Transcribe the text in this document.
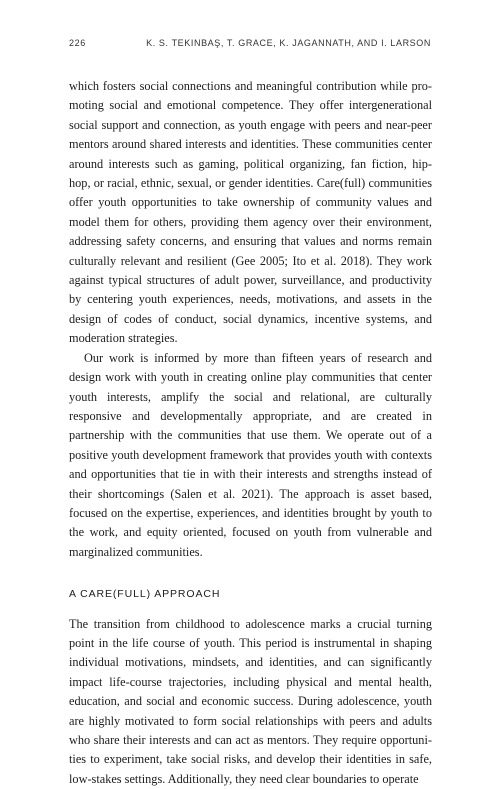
226	K. S. TEKINBAŞ, T. GRACE, K. JAGANNATH, AND I. LARSON

which fosters social connections and meaningful contribution while promoting social and emotional competence. They offer intergenerational social support and connection, as youth engage with peers and near-peer mentors around shared interests and identities. These communities center around interests such as gaming, political organizing, fan fiction, hip-hop, or racial, ethnic, sexual, or gender identities. Care(full) communities offer youth opportunities to take ownership of community values and model them for others, providing them agency over their environment, addressing safety concerns, and ensuring that values and norms remain culturally relevant and resilient (Gee 2005; Ito et al. 2018). They work against typical structures of adult power, surveillance, and productivity by centering youth experiences, needs, motivations, and assets in the design of codes of conduct, social dynamics, incentive systems, and moderation strategies.

Our work is informed by more than fifteen years of research and design work with youth in creating online play communities that center youth interests, amplify the social and relational, are culturally responsive and developmentally appropriate, and are created in partnership with the communities that use them. We operate out of a positive youth development framework that provides youth with contexts and opportunities that tie in with their interests and strengths instead of their shortcomings (Salen et al. 2021). The approach is asset based, focused on the expertise, experiences, and identities brought by youth to the work, and equity oriented, focused on youth from vulnerable and marginalized communities.

A CARE(FULL) APPROACH

The transition from childhood to adolescence marks a crucial turning point in the life course of youth. This period is instrumental in shaping individual motivations, mindsets, and identities, and can significantly impact life-course trajectories, including physical and mental health, education, and social and economic success. During adolescence, youth are highly motivated to form social relationships with peers and adults who share their interests and can act as mentors. They require opportunities to experiment, take social risks, and develop their identities in safe, low-stakes settings. Additionally, they need clear boundaries to operate
